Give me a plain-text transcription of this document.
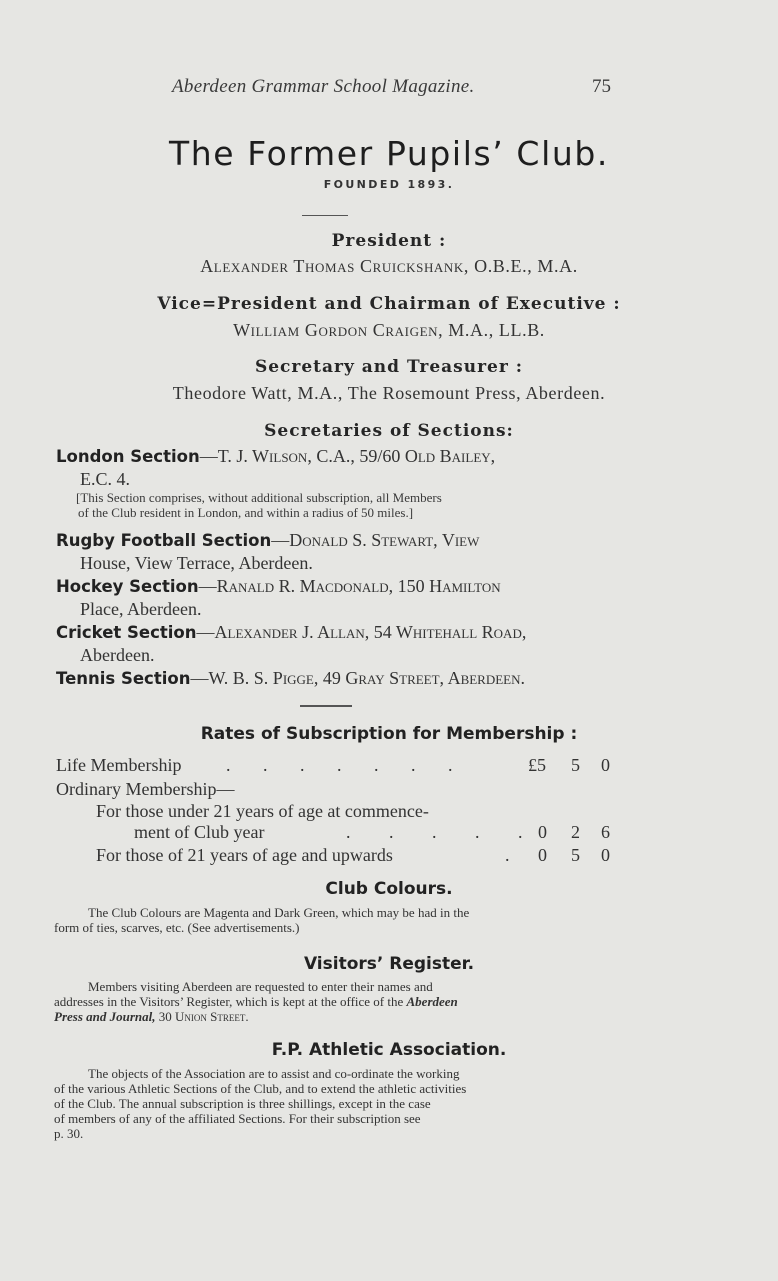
Aberdeen Grammar School Magazine.	75
The Former Pupils’ Club.
FOUNDED 1893.
President :
Alexander Thomas Cruickshank, O.B.E., M.A.
Vice=President and Chairman of Executive :
William Gordon Craigen, M.A., LL.B.
Secretary and Treasurer :
Theodore Watt, M.A., The Rosemount Press, Aberdeen.
Secretaries of Sections:
London Section—T. J. Wilson, C.A., 59/60 Old Bailey,
E.C. 4.
[This Section comprises, without additional subscription, all Members
of the Club resident in London, and within a radius of 50 miles.]
Rugby Football Section—Donald S. Stewart, View
House, View Terrace, Aberdeen.
Hockey Section—Ranald R. Macdonald, 150 Hamilton
Place, Aberdeen.
Cricket Section—Alexander J. Allan, 54 Whitehall Road,
Aberdeen.
Tennis Section—W. B. S. Pigge, 49 Gray Street, Aberdeen.
Rates of Subscription for Membership :
Life Membership . . . . . . .	£5 5 0
Ordinary Membership—
For those under 21 years of age at commence-
ment of Club year	. . . . .
0 2 6
For those of 21 years of age and upwards	. 0 5 0
Club Colours.
The Club Colours are Magenta and Dark Green, which may be had in the
form of ties, scarves, etc. (See advertisements.)
Visitors’ Register.
Members visiting Aberdeen are requested to enter their names and
addresses in the Visitors’ Register, which is kept at the office of the Aberdeen
Press and Journal, 30 Union Street.
F.P. Athletic Association.
The objects of the Association are to assist and co-ordinate the working
of the various Athletic Sections of the Club, and to extend the athletic activities
of the Club. The annual subscription is three shillings, except in the case
of members of any of the affiliated Sections. For their subscription see
p. 30.
